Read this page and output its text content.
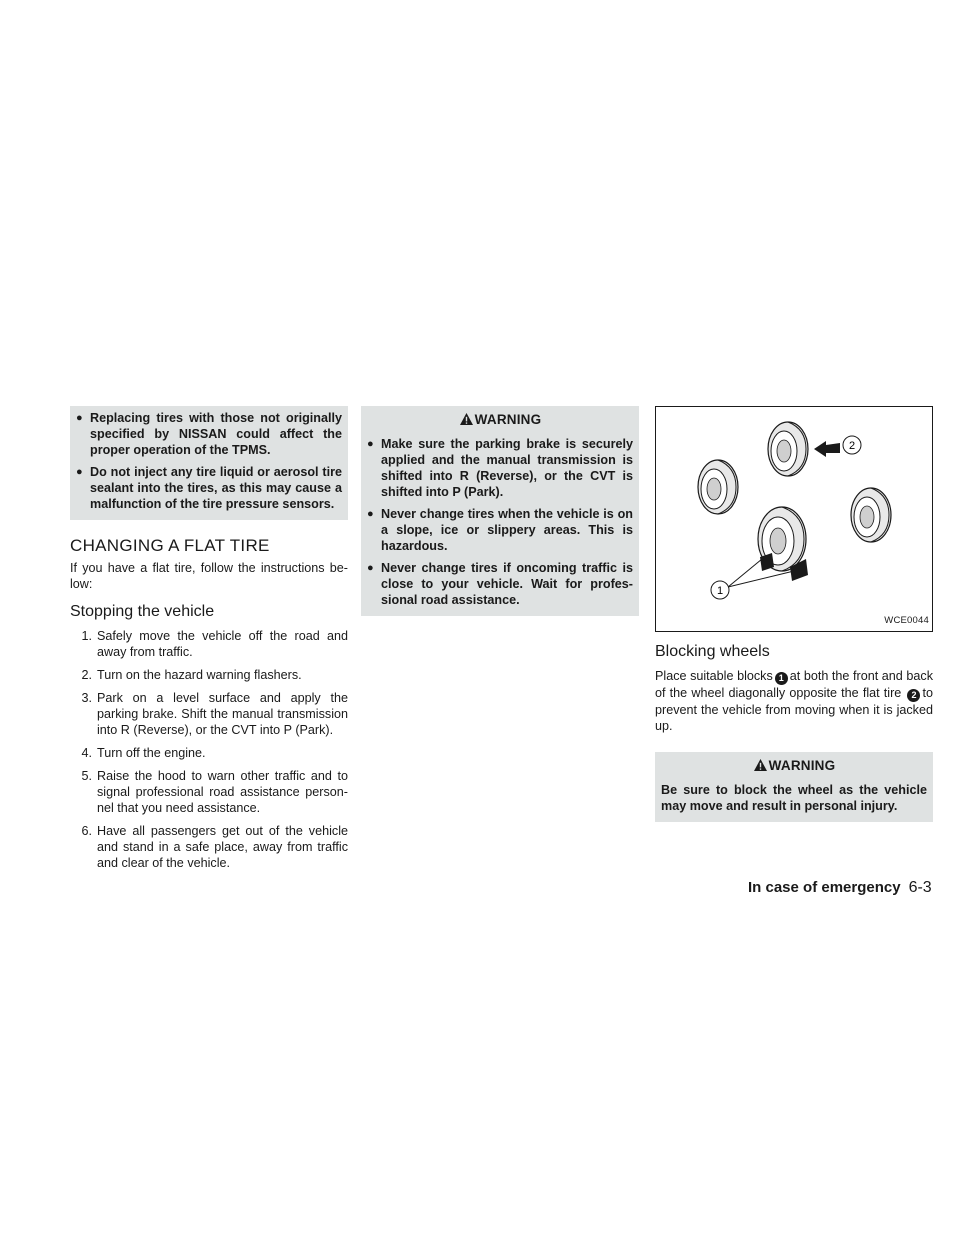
● Replacing tires with those not originally specified by NISSAN could affect the proper operation of the TPMS.
● Do not inject any tire liquid or aerosol tire sealant into the tires, as this may cause a malfunction of the tire pressure sensors.
CHANGING A FLAT TIRE

If you have a flat tire, follow the instructions be- low:

Stopping the vehicle
1. Safely move the vehicle off the road and away from traffic.
2. Turn on the hazard warning flashers.
3. Park on a level surface and apply the parking brake. Shift the manual transmission into R (Reverse), or the CVT into P (Park).
4. Turn off the engine.
5. Raise the hood to warn other traffic and to signal professional road assistance person- nel that you need assistance.
6. Have all passengers get out of the vehicle and stand in a safe place, away from traffic and clear of the vehicle.
WARNING
● Make sure the parking brake is securely applied and the manual transmission is shifted into R (Reverse), or the CVT is shifted into P (Park).
● Never change tires when the vehicle is on a slope, ice or slippery areas. This is hazardous.
● Never change tires if oncoming traffic is close to your vehicle. Wait for profes- sional road assistance.
1
2
WCE0044
Blocking wheels

Place suitable blocks 1 at both the front and back of the wheel diagonally opposite the flat tire 2 to prevent the vehicle from moving when it is jacked up.

WARNING
Be sure to block the wheel as the vehicle may move and result in personal injury.
In case of emergency 6-3
